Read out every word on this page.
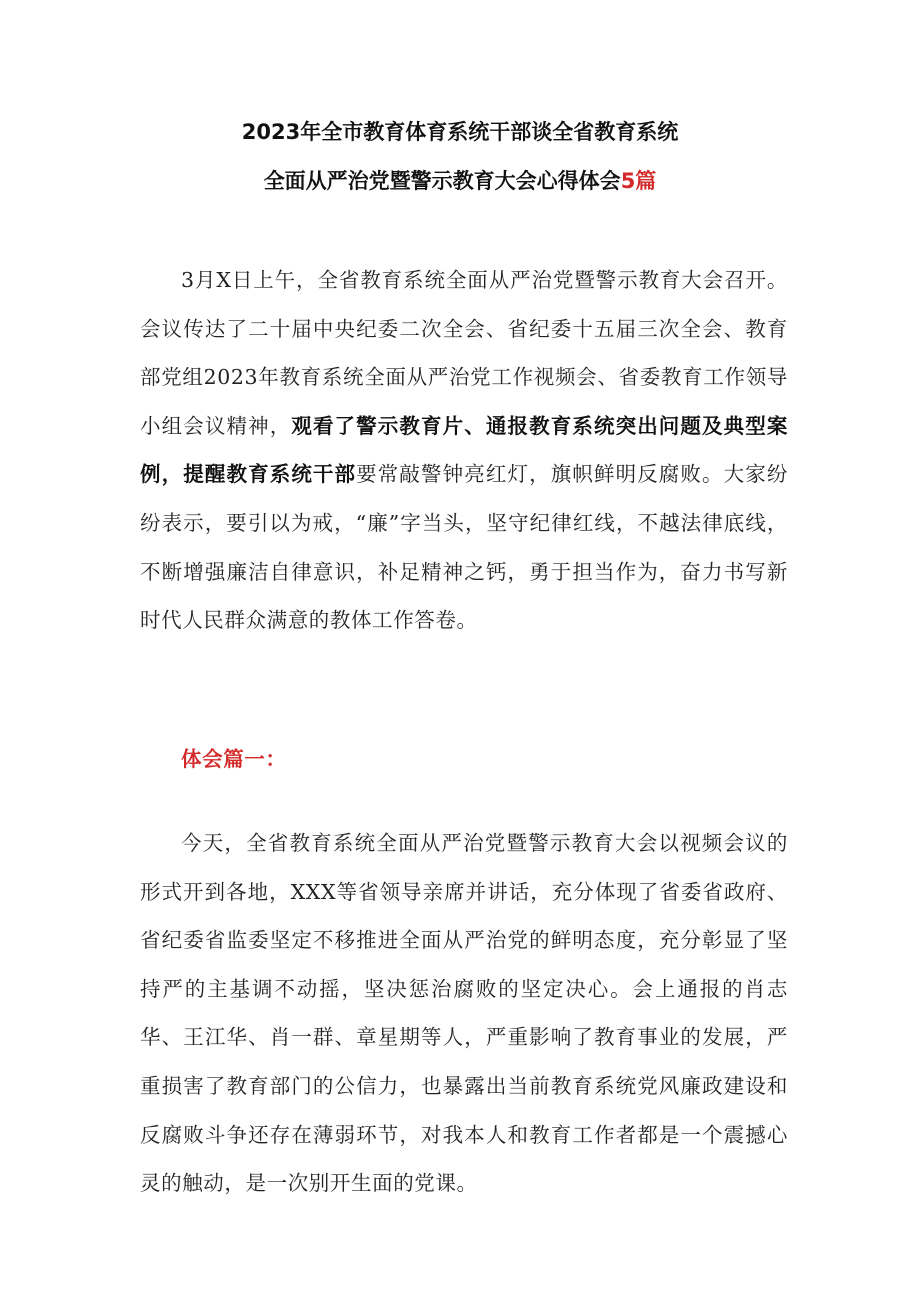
2023年全市教育体育系统干部谈全省教育系统
全面从严治党暨警示教育大会心得体会5篇

3月X日上午，全省教育系统全面从严治党暨警示教育大会召开。会议传达了二十届中央纪委二次全会、省纪委十五届三次全会、教育部党组2023年教育系统全面从严治党工作视频会、省委教育工作领导小组会议精神，观看了警示教育片、通报教育系统突出问题及典型案例，提醒教育系统干部要常敲警钟亮红灯，旗帜鲜明反腐败。大家纷纷表示，要引以为戒，“廉”字当头，坚守纪律红线，不越法律底线，不断增强廉洁自律意识，补足精神之钙，勇于担当作为，奋力书写新时代人民群众满意的教体工作答卷。

体会篇一：

今天，全省教育系统全面从严治党暨警示教育大会以视频会议的形式开到各地，XXX等省领导亲席并讲话，充分体现了省委省政府、省纪委省监委坚定不移推进全面从严治党的鲜明态度，充分彰显了坚持严的主基调不动摇，坚决惩治腐败的坚定决心。会上通报的肖志华、王江华、肖一群、章星期等人，严重影响了教育事业的发展，严重损害了教育部门的公信力，也暴露出当前教育系统党风廉政建设和反腐败斗争还存在薄弱环节，对我本人和教育工作者都是一个震撼心灵的触动，是一次别开生面的党课。
